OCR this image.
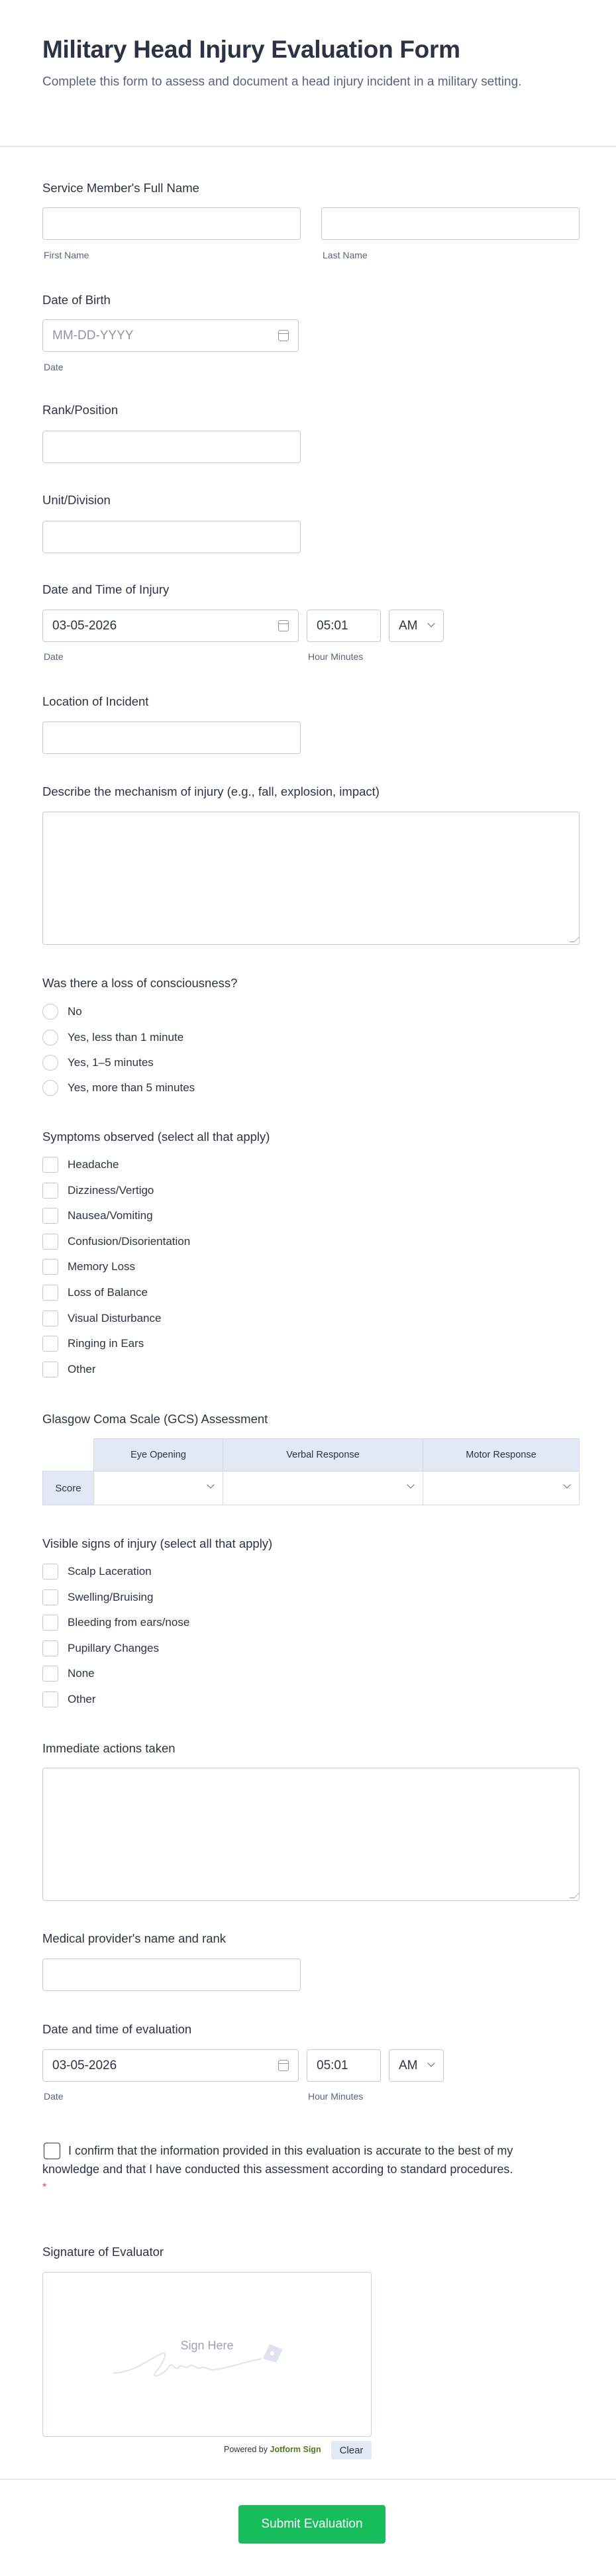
Military Head Injury Evaluation Form
Complete this form to assess and document a head injury incident in a military setting.
Service Member's Full Name
First Name	Last Name
Date of Birth
MM-DD-YYYY
Date
Rank/Position
Unit/Division
Date and Time of Injury
03-05-2026	05:01	AM
Date	Hour Minutes
Location of Incident
Describe the mechanism of injury (e.g., fall, explosion, impact)
Was there a loss of consciousness?
No
Yes, less than 1 minute
Yes, 1–5 minutes
Yes, more than 5 minutes
Symptoms observed (select all that apply)
Headache
Dizziness/Vertigo
Nausea/Vomiting
Confusion/Disorientation
Memory Loss
Loss of Balance
Visual Disturbance
Ringing in Ears
Other
Glasgow Coma Scale (GCS) Assessment
	Eye Opening	Verbal Response	Motor Response
Score	

Visible signs of injury (select all that apply)
Scalp Laceration
Swelling/Bruising
Bleeding from ears/nose
Pupillary Changes
None
Other
Immediate actions taken
Medical provider's name and rank
Date and time of evaluation
03-05-2026	05:01	AM
Date	Hour Minutes
I confirm that the information provided in this evaluation is accurate to the best of my knowledge and that I have conducted this assessment according to standard procedures. *
Signature of Evaluator
Sign Here
Powered by Jotform Sign	Clear
Submit Evaluation
